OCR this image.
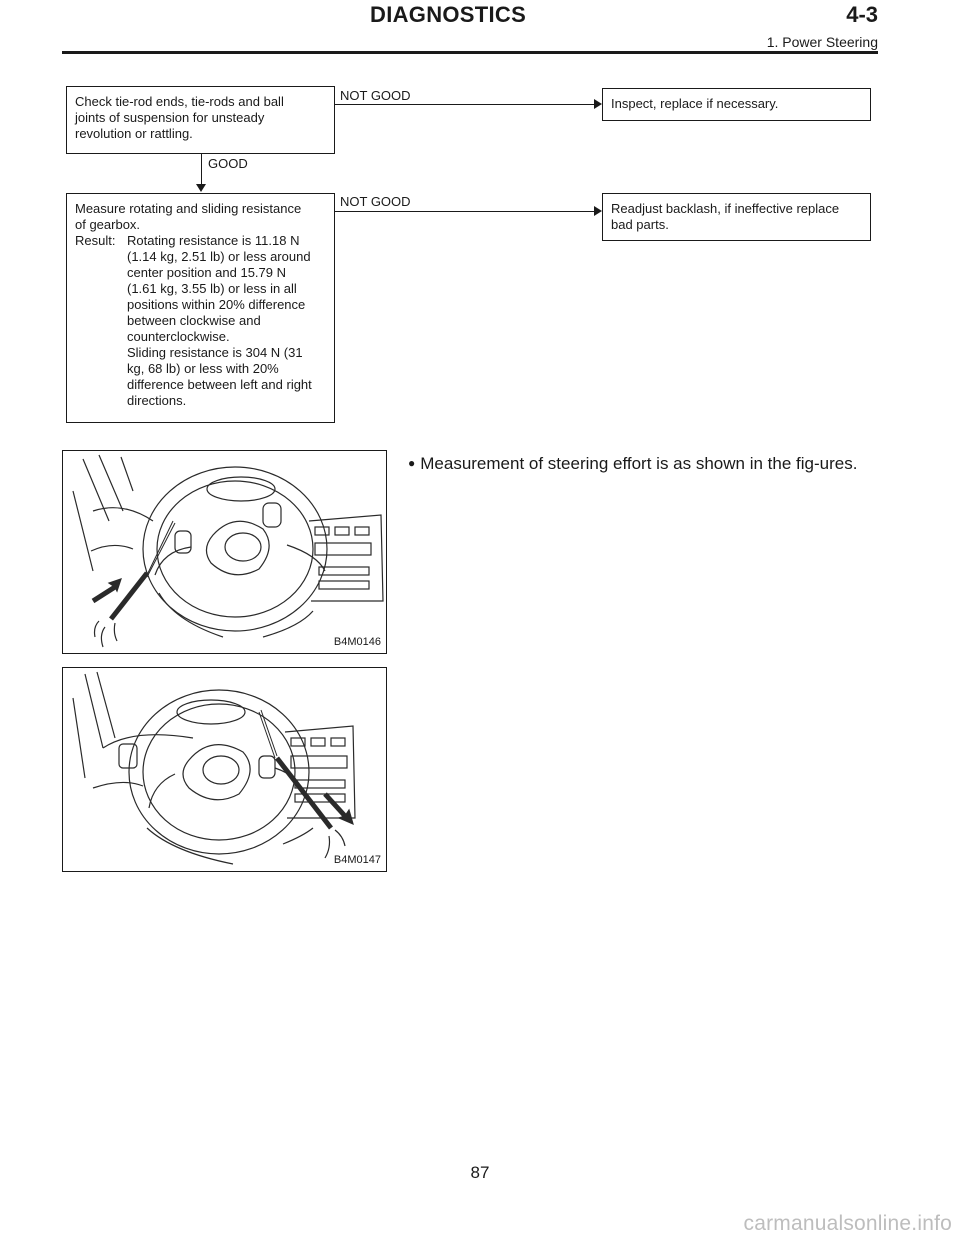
DIAGNOSTICS	4-3
1. Power Steering
Check tie-rod ends, tie-rods and ball
joints of suspension for unsteady
revolution or rattling.
NOT GOOD
Inspect, replace if necessary.
GOOD
Measure rotating and sliding resistance
of gearbox.
Result: Rotating resistance is 11.18 N
(1.14 kg, 2.51 lb) or less around
center position and 15.79 N
(1.61 kg, 3.55 lb) or less in all
positions within 20% difference
between clockwise and
counterclockwise.
Sliding resistance is 304 N (31
kg, 68 lb) or less with 20%
difference between left and right
directions.
NOT GOOD	Readjust backlash, if ineffective replace
bad parts.
B4M0146
B4M0147
● Measurement of steering effort is as shown in the fig-ures.
87
carmanualsonline.info
